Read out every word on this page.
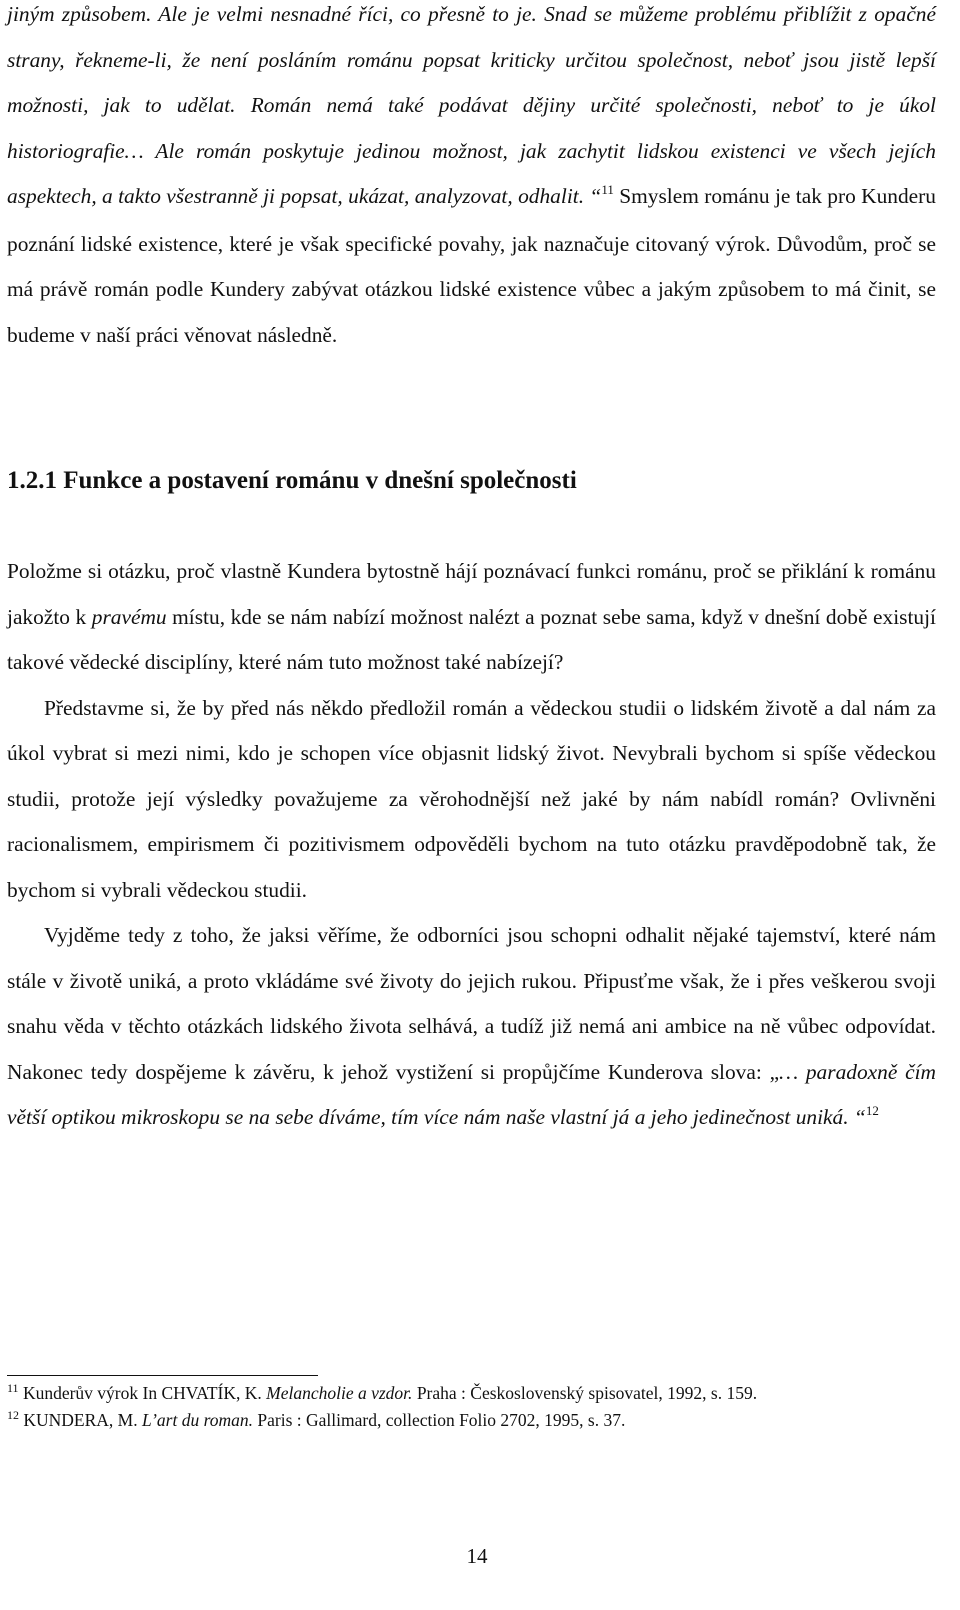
jiným způsobem. Ale je velmi nesnadné říci, co přesně to je. Snad se můžeme problému přiblížit z opačné strany, řekneme-li, že není posláním románu popsat kriticky určitou společnost, neboť jsou jistě lepší možnosti, jak to udělat. Román nemá také podávat dějiny určité společnosti, neboť to je úkol historiografie… Ale román poskytuje jedinou možnost, jak zachytit lidskou existenci ve všech jejích aspektech, a takto všestranně ji popsat, ukázat, analyzovat, odhalit. “$^{11}$ Smyslem románu je tak pro Kunderu poznání lidské existence, které je však specifické povahy, jak naznačuje citovaný výrok. Důvodům, proč se má právě román podle Kundery zabývat otázkou lidské existence vůbec a jakým způsobem to má činit, se budeme v naší práci věnovat následně.

1.2.1 Funkce a postavení románu v dnešní společnosti

Položme si otázku, proč vlastně Kundera bytostně hájí poznávací funkci románu, proč se přiklání k románu jakožto k pravému místu, kde se nám nabízí možnost nalézt a poznat sebe sama, když v dnešní době existují takové vědecké disciplíny, které nám tuto možnost také nabízejí?

Představme si, že by před nás někdo předložil román a vědeckou studii o lidském životě a dal nám za úkol vybrat si mezi nimi, kdo je schopen více objasnit lidský život. Nevybrali bychom si spíše vědeckou studii, protože její výsledky považujeme za věrohodnější než jaké by nám nabídl román? Ovlivněni racionalismem, empirismem či pozitivismem odpověděli bychom na tuto otázku pravděpodobně tak, že bychom si vybrali vědeckou studii.

Vyjděme tedy z toho, že jaksi věříme, že odborníci jsou schopni odhalit nějaké tajemství, které nám stále v životě uniká, a proto vkládáme své životy do jejich rukou. Připusťme však, že i přes veškerou svoji snahu věda v těchto otázkách lidského života selhává, a tudíž již nemá ani ambice na ně vůbec odpovídat. Nakonec tedy dospějeme k závěru, k jehož vystižení si propůjčíme Kunderova slova: „… paradoxně čím větší optikou mikroskopu se na sebe díváme, tím více nám naše vlastní já a jeho jedinečnost uniká. “$^{12}$

$^{11}$ Kunderův výrok In CHVATÍK, K. Melancholie a vzdor. Praha : Československý spisovatel, 1992, s. 159.

$^{12}$ KUNDERA, M. L’art du roman. Paris : Gallimard, collection Folio 2702, 1995, s. 37.

14
